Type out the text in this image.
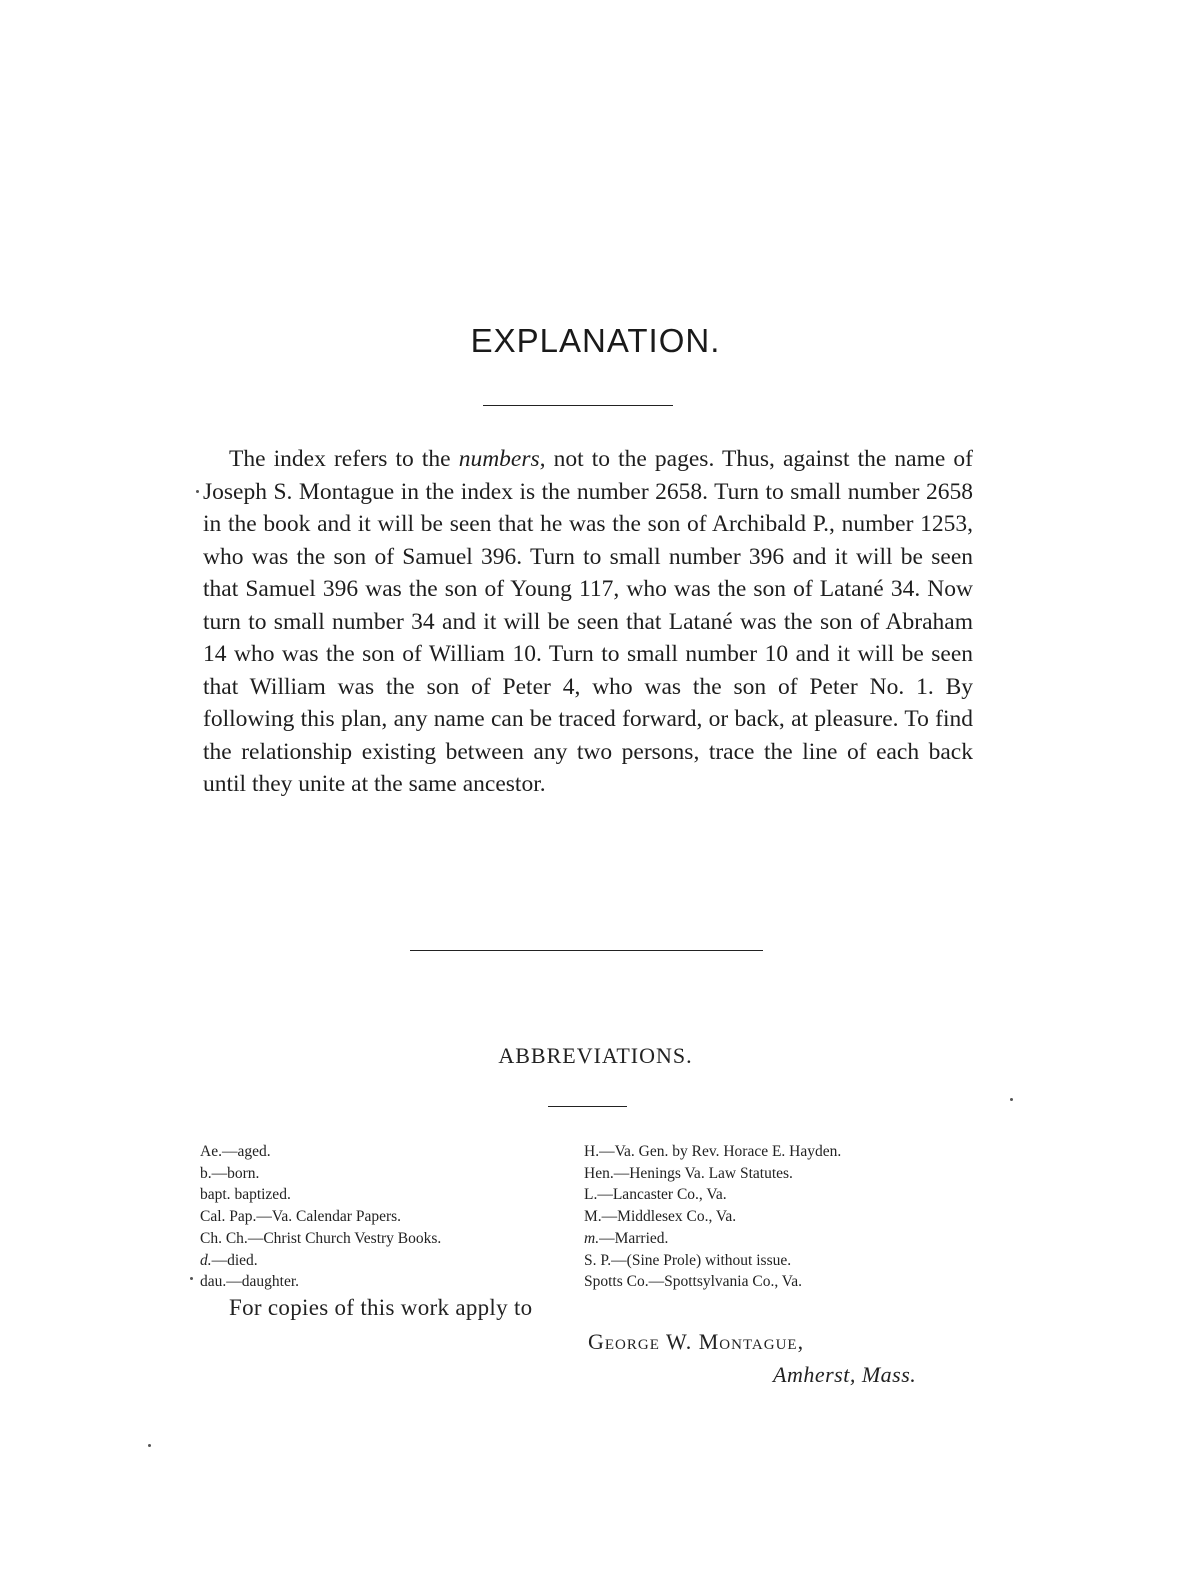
EXPLANATION.

The index refers to the numbers, not to the pages. Thus, against the name of Joseph S. Montague in the index is the number 2658. Turn to small number 2658 in the book and it will be seen that he was the son of Archibald P., number 1253, who was the son of Samuel 396. Turn to small number 396 and it will be seen that Samuel 396 was the son of Young 117, who was the son of Latané 34. Now turn to small number 34 and it will be seen that Latané was the son of Abraham 14 who was the son of William 10. Turn to small number 10 and it will be seen that William was the son of Peter 4, who was the son of Peter No. 1. By following this plan, any name can be traced forward, or back, at pleasure. To find the relationship existing between any two persons, trace the line of each back until they unite at the same ancestor.

ABBREVIATIONS.
Ae.—aged.
b.—born.
bapt. baptized.
Cal. Pap.—Va. Calendar Papers.
Ch. Ch.—Christ Church Vestry Books.
d.—died.
dau.—daughter.
H.—Va. Gen. by Rev. Horace E. Hayden.
Hen.—Henings Va. Law Statutes.
L.—Lancaster Co., Va.
M.—Middlesex Co., Va.
m.—Married.
S. P.—(Sine Prole) without issue.
Spotts Co.—Spottsylvania Co., Va.
For copies of this work apply to
George W. Montague,
Amherst, Mass.
